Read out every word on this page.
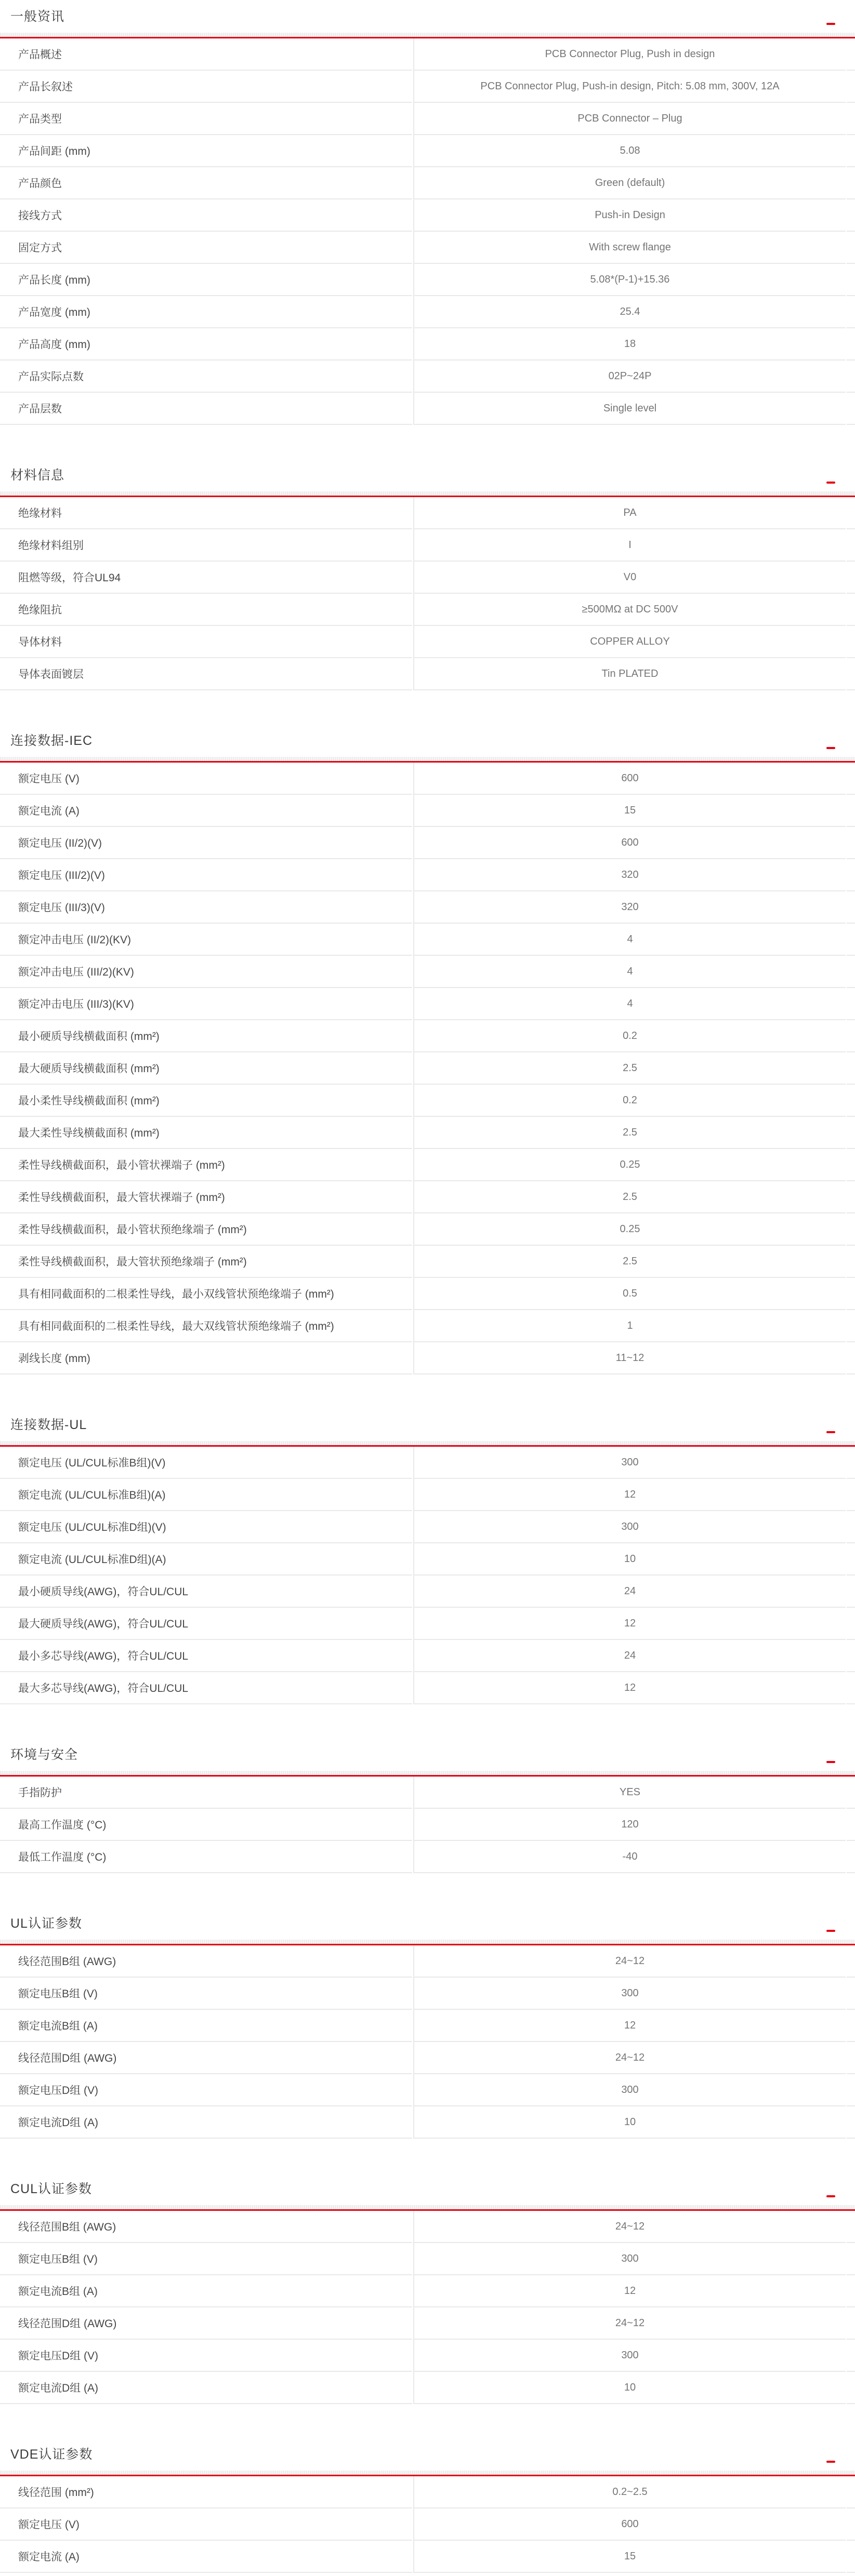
一般资讯
产品概述	PCB Connector Plug, Push in design
产品长叙述	PCB Connector Plug, Push-in design, Pitch: 5.08 mm, 300V, 12A
产品类型	PCB Connector – Plug
产品间距 (mm)	5.08
产品颜色	Green (default)
接线方式	Push-in Design
固定方式	With screw flange
产品长度 (mm)	5.08*(P-1)+15.36
产品宽度 (mm)	25.4
产品高度 (mm)	18
产品实际点数	02P~24P
产品层数	Single level
材料信息
绝缘材料	PA
绝缘材料组别	I
阻燃等级，符合UL94	V0
绝缘阻抗	≥500MΩ at DC 500V
导体材料	COPPER ALLOY
导体表面镀层	Tin PLATED
连接数据-IEC
额定电压 (V)	600
额定电流 (A)	15
额定电压 (II/2)(V)	600
额定电压 (III/2)(V)	320
额定电压 (III/3)(V)	320
额定冲击电压 (II/2)(KV)	4
额定冲击电压 (III/2)(KV)	4
额定冲击电压 (III/3)(KV)	4
最小硬质导线横截面积 (mm²)	0.2
最大硬质导线横截面积 (mm²)	2.5
最小柔性导线横截面积 (mm²)	0.2
最大柔性导线横截面积 (mm²)	2.5
柔性导线横截面积，最小管状裸端子 (mm²)	0.25
柔性导线横截面积，最大管状裸端子 (mm²)	2.5
柔性导线横截面积，最小管状预绝缘端子 (mm²)	0.25
柔性导线横截面积，最大管状预绝缘端子 (mm²)	2.5
具有相同截面积的二根柔性导线，最小双线管状预绝缘端子 (mm²)	0.5
具有相同截面积的二根柔性导线，最大双线管状预绝缘端子 (mm²)	1
剥线长度 (mm)	11~12
连接数据-UL
额定电压 (UL/CUL标准B组)(V)	300
额定电流 (UL/CUL标准B组)(A)	12
额定电压 (UL/CUL标准D组)(V)	300
额定电流 (UL/CUL标准D组)(A)	10
最小硬质导线(AWG)，符合UL/CUL	24
最大硬质导线(AWG)，符合UL/CUL	12
最小多芯导线(AWG)，符合UL/CUL	24
最大多芯导线(AWG)，符合UL/CUL	12
环境与安全
手指防护	YES
最高工作温度 (°C)	120
最低工作温度 (°C)	-40
UL认证参数
线径范围B组 (AWG)	24~12
额定电压B组 (V)	300
额定电流B组 (A)	12
线径范围D组 (AWG)	24~12
额定电压D组 (V)	300
额定电流D组 (A)	10
CUL认证参数
线径范围B组 (AWG)	24~12
额定电压B组 (V)	300
额定电流B组 (A)	12
线径范围D组 (AWG)	24~12
额定电压D组 (V)	300
额定电流D组 (A)	10
VDE认证参数
线径范围 (mm²)	0.2~2.5
额定电压 (V)	600
额定电流 (A)	15
